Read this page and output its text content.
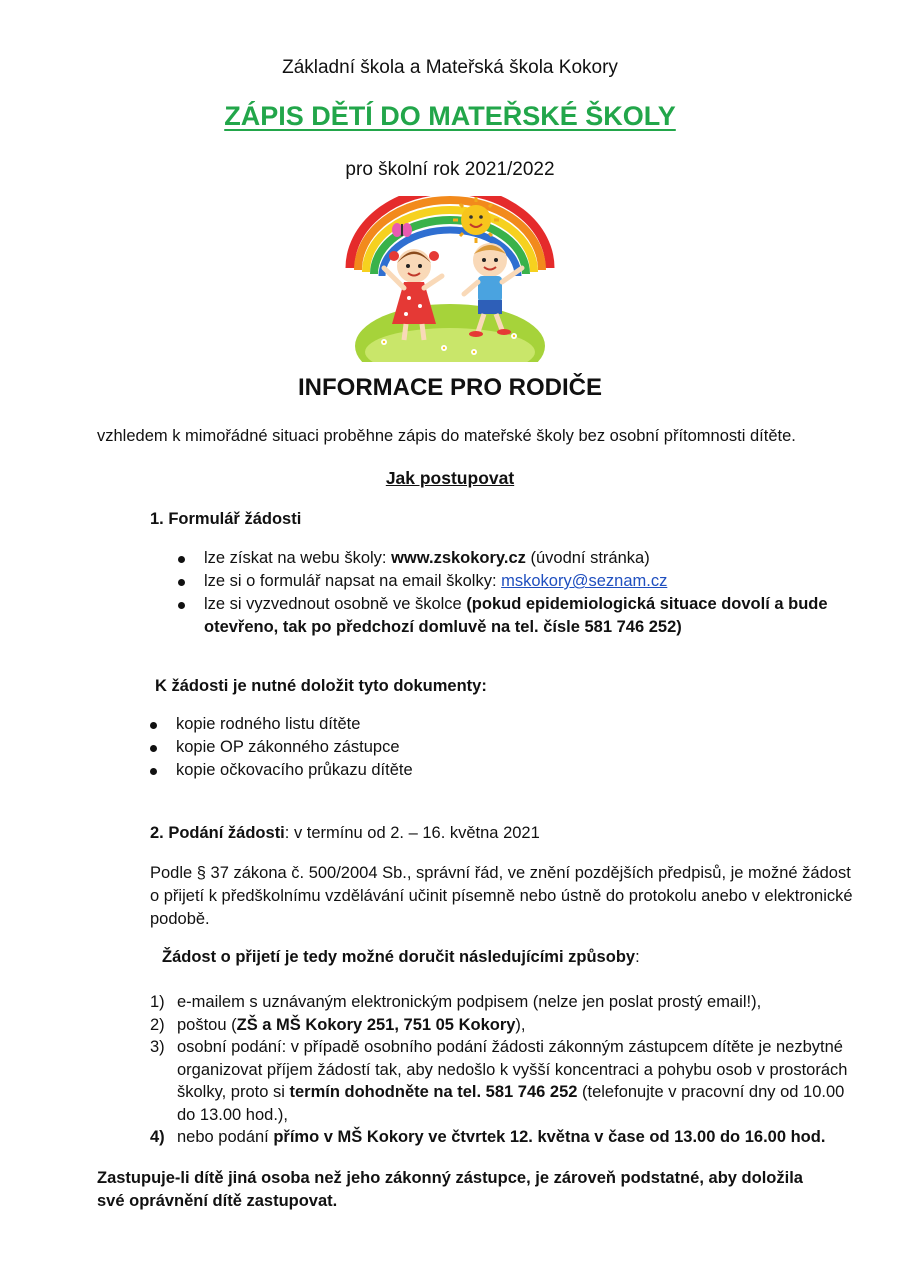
Základní škola a Mateřská škola Kokory
ZÁPIS DĚTÍ DO MATEŘSKÉ ŠKOLY
pro školní rok 2021/2022
INFORMACE PRO RODIČE
vzhledem k mimořádné situaci proběhne zápis do mateřské školy bez osobní přítomnosti dítěte.
Jak postupovat
1. Formulář žádosti
lze získat na webu školy: www.zskokory.cz (úvodní stránka)
lze si o formulář napsat na email školky: mskokory@seznam.cz
lze si vyzvednout osobně ve školce (pokud epidemiologická situace dovolí a bude otevřeno, tak po předchozí domluvě na tel. čísle 581 746 252)
K žádosti je nutné doložit tyto dokumenty:
kopie rodného listu dítěte
kopie OP zákonného zástupce
kopie očkovacího průkazu dítěte
2. Podání žádosti: v termínu od 2. – 16. května 2021
Podle § 37 zákona č. 500/2004 Sb., správní řád, ve znění pozdějších předpisů, je možné žádost o přijetí k předškolnímu vzdělávání učinit písemně nebo ústně do protokolu anebo v elektronické podobě.
Žádost o přijetí je tedy možné doručit následujícími způsoby:
1) e-mailem s uznávaným elektronickým podpisem (nelze jen poslat prostý email!),
2) poštou (ZŠ a MŠ Kokory 251, 751 05 Kokory),
3) osobní podání: v případě osobního podání žádosti zákonným zástupcem dítěte je nezbytné organizovat příjem žádostí tak, aby nedošlo k vyšší koncentraci a pohybu osob v prostorách školky, proto si termín dohodněte na tel. 581 746 252 (telefonujte v pracovní dny od 10.00 do 13.00 hod.),
4) nebo podání přímo v MŠ Kokory ve čtvrtek 12. května v čase od 13.00 do 16.00 hod.
Zastupuje-li dítě jiná osoba než jeho zákonný zástupce, je zároveň podstatné, aby doložila své oprávnění dítě zastupovat.
